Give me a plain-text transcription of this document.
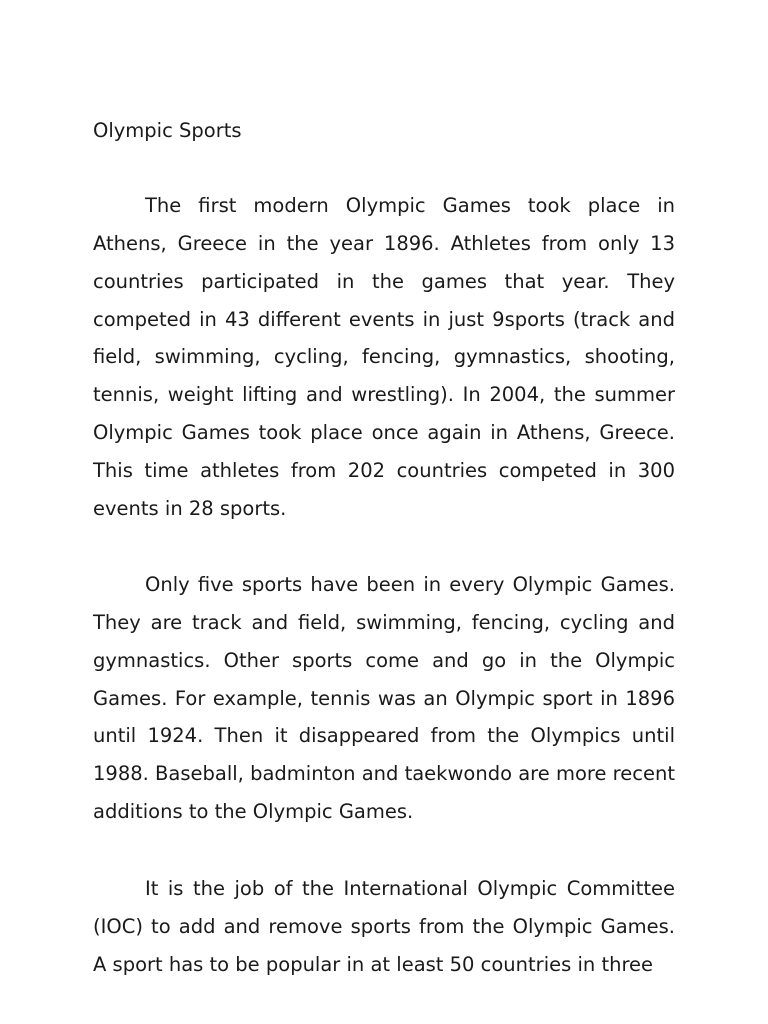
Olympic Sports

The first modern Olympic Games took place in Athens, Greece in the year 1896. Athletes from only 13 countries participated in the games that year. They competed in 43 different events in just 9sports (track and field, swimming, cycling, fencing, gymnastics, shooting, tennis, weight lifting and wrestling). In 2004, the summer Olympic Games took place once again in Athens, Greece. This time athletes from 202 countries competed in 300 events in 28 sports.

Only five sports have been in every Olympic Games. They are track and field, swimming, fencing, cycling and gymnastics. Other sports come and go in the Olympic Games. For example, tennis was an Olympic sport in 1896 until 1924. Then it disappeared from the Olympics until 1988. Baseball, badminton and taekwondo are more recent additions to the Olympic Games.

It is the job of the International Olympic Committee (IOC) to add and remove sports from the Olympic Games. A sport has to be popular in at least 50 countries in three
